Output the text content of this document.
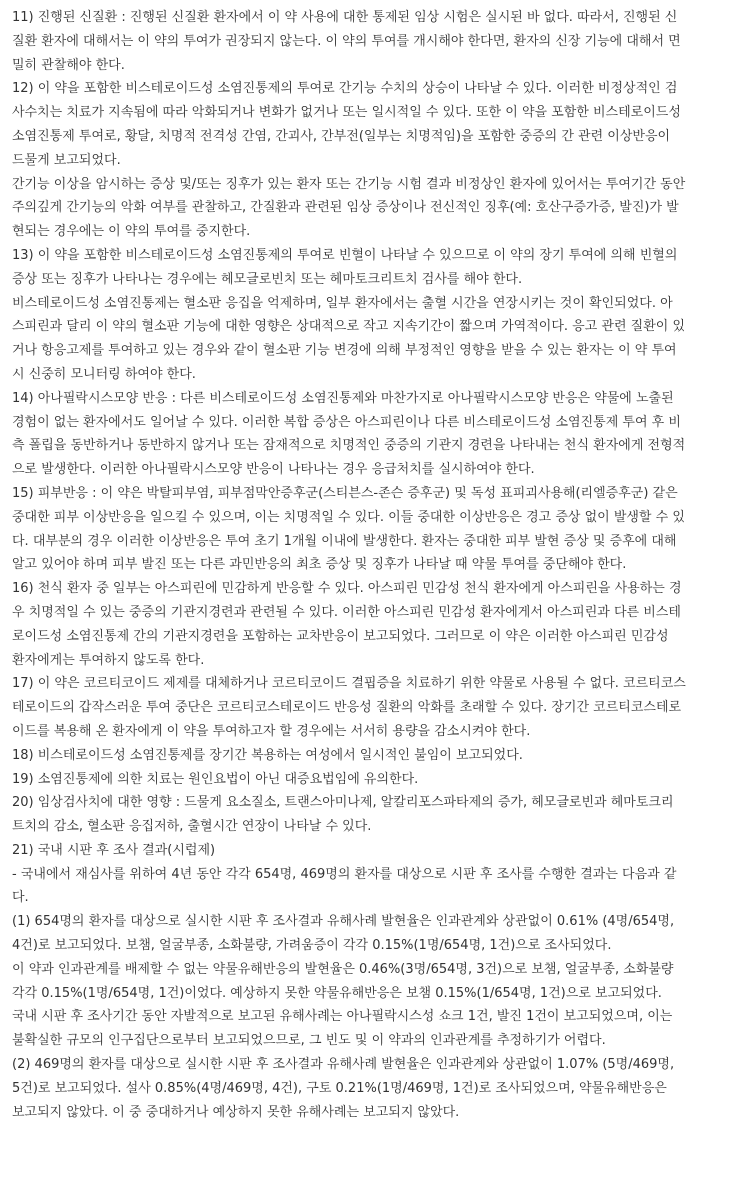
11) 진행된 신질환 : 진행된 신질환 환자에서 이 약 사용에 대한 통제된 임상 시험은 실시된 바 없다. 따라서, 진행된 신
질환 환자에 대해서는 이 약의 투여가 권장되지 않는다. 이 약의 투여를 개시해야 한다면, 환자의 신장 기능에 대해서 면
밀히 관찰해야 한다.
12) 이 약을 포함한 비스테로이드성 소염진통제의 투여로 간기능 수치의 상승이 나타날 수 있다. 이러한 비정상적인 검
사수치는 치료가 지속됨에 따라 악화되거나 변화가 없거나 또는 일시적일 수 있다. 또한 이 약을 포함한 비스테로이드성
소염진통제 투여로, 황달, 치명적 전격성 간염, 간괴사, 간부전(일부는 치명적임)을 포함한 중증의 간 관련 이상반응이
드물게 보고되었다.
간기능 이상을 암시하는 증상 및/또는 징후가 있는 환자 또는 간기능 시험 결과 비정상인 환자에 있어서는 투여기간 동안
주의깊게 간기능의 악화 여부를 관찰하고, 간질환과 관련된 임상 증상이나 전신적인 징후(예: 호산구증가증, 발진)가 발
현되는 경우에는 이 약의 투여를 중지한다.
13) 이 약을 포함한 비스테로이드성 소염진통제의 투여로 빈혈이 나타날 수 있으므로 이 약의 장기 투여에 의해 빈혈의
증상 또는 징후가 나타나는 경우에는 헤모글로빈치 또는 헤마토크리트치 검사를 해야 한다.
비스테로이드성 소염진통제는 혈소판 응집을 억제하며, 일부 환자에서는 출혈 시간을 연장시키는 것이 확인되었다. 아
스피린과 달리 이 약의 혈소판 기능에 대한 영향은 상대적으로 작고 지속기간이 짧으며 가역적이다. 응고 관련 질환이 있
거나 항응고제를 투여하고 있는 경우와 같이 혈소판 기능 변경에 의해 부정적인 영향을 받을 수 있는 환자는 이 약 투여
시 신중히 모니터링 하여야 한다.
14) 아나필락시스모양 반응 : 다른 비스테로이드성 소염진통제와 마찬가지로 아나필락시스모양 반응은 약물에 노출된
경험이 없는 환자에서도 일어날 수 있다. 이러한 복합 증상은 아스피린이나 다른 비스테로이드성 소염진통제 투여 후 비
측 폴립을 동반하거나 동반하지 않거나 또는 잠재적으로 치명적인 중증의 기관지 경련을 나타내는 천식 환자에게 전형적
으로 발생한다. 이러한 아나필락시스모양 반응이 나타나는 경우 응급처치를 실시하여야 한다.
15) 피부반응 : 이 약은 박탈피부염, 피부점막안증후군(스티븐스-존슨 증후군) 및 독성 표피괴사용해(리엘증후군) 같은
중대한 피부 이상반응을 일으킬 수 있으며, 이는 치명적일 수 있다. 이들 중대한 이상반응은 경고 증상 없이 발생할 수 있
다. 대부분의 경우 이러한 이상반응은 투여 초기 1개월 이내에 발생한다. 환자는 중대한 피부 발현 증상 및 증후에 대해
알고 있어야 하며 피부 발진 또는 다른 과민반응의 최초 증상 및 징후가 나타날 때 약물 투여를 중단해야 한다.
16) 천식 환자 중 일부는 아스피린에 민감하게 반응할 수 있다. 아스피린 민감성 천식 환자에게 아스피린을 사용하는 경
우 치명적일 수 있는 중증의 기관지경련과 관련될 수 있다. 이러한 아스피린 민감성 환자에게서 아스피린과 다른 비스테
로이드성 소염진통제 간의 기관지경련을 포함하는 교차반응이 보고되었다. 그러므로 이 약은 이러한 아스피린 민감성
환자에게는 투여하지 않도록 한다.
17) 이 약은 코르티코이드 제제를 대체하거나 코르티코이드 결핍증을 치료하기 위한 약물로 사용될 수 없다. 코르티코스
테로이드의 갑작스러운 투여 중단은 코르티코스테로이드 반응성 질환의 악화를 초래할 수 있다. 장기간 코르티코스테로
이드를 복용해 온 환자에게 이 약을 투여하고자 할 경우에는 서서히 용량을 감소시켜야 한다.
18) 비스테로이드성 소염진통제를 장기간 복용하는 여성에서 일시적인 불임이 보고되었다.
19) 소염진통제에 의한 치료는 원인요법이 아닌 대증요법임에 유의한다.
20) 임상검사치에 대한 영향 : 드물게 요소질소, 트랜스아미나제, 알칼리포스파타제의 증가, 헤모글로빈과 헤마토크리
트치의 감소, 혈소판 응집저하, 출혈시간 연장이 나타날 수 있다.
21) 국내 시판 후 조사 결과(시럽제)
- 국내에서 재심사를 위하여 4년 동안 각각 654명, 469명의 환자를 대상으로 시판 후 조사를 수행한 결과는 다음과 같
다.
(1) 654명의 환자를 대상으로 실시한 시판 후 조사결과 유해사례 발현율은 인과관계와 상관없이 0.61% (4명/654명,
4건)로 보고되었다. 보챔, 얼굴부종, 소화불량, 가려움증이 각각 0.15%(1명/654명, 1건)으로 조사되었다.
이 약과 인과관계를 배제할 수 없는 약물유해반응의 발현율은 0.46%(3명/654명, 3건)으로 보챔, 얼굴부종, 소화불량
각각 0.15%(1명/654명, 1건)이었다. 예상하지 못한 약물유해반응은 보챔 0.15%(1/654명, 1건)으로 보고되었다.
국내 시판 후 조사기간 동안 자발적으로 보고된 유해사례는 아나필락시스성 쇼크 1건, 발진 1건이 보고되었으며, 이는
불확실한 규모의 인구집단으로부터 보고되었으므로, 그 빈도 및 이 약과의 인과관계를 추정하기가 어렵다.
(2) 469명의 환자를 대상으로 실시한 시판 후 조사결과 유해사례 발현율은 인과관계와 상관없이 1.07% (5명/469명,
5건)로 보고되었다. 설사 0.85%(4명/469명, 4건), 구토 0.21%(1명/469명, 1건)로 조사되었으며, 약물유해반응은
보고되지 않았다. 이 중 중대하거나 예상하지 못한 유해사례는 보고되지 않았다.
